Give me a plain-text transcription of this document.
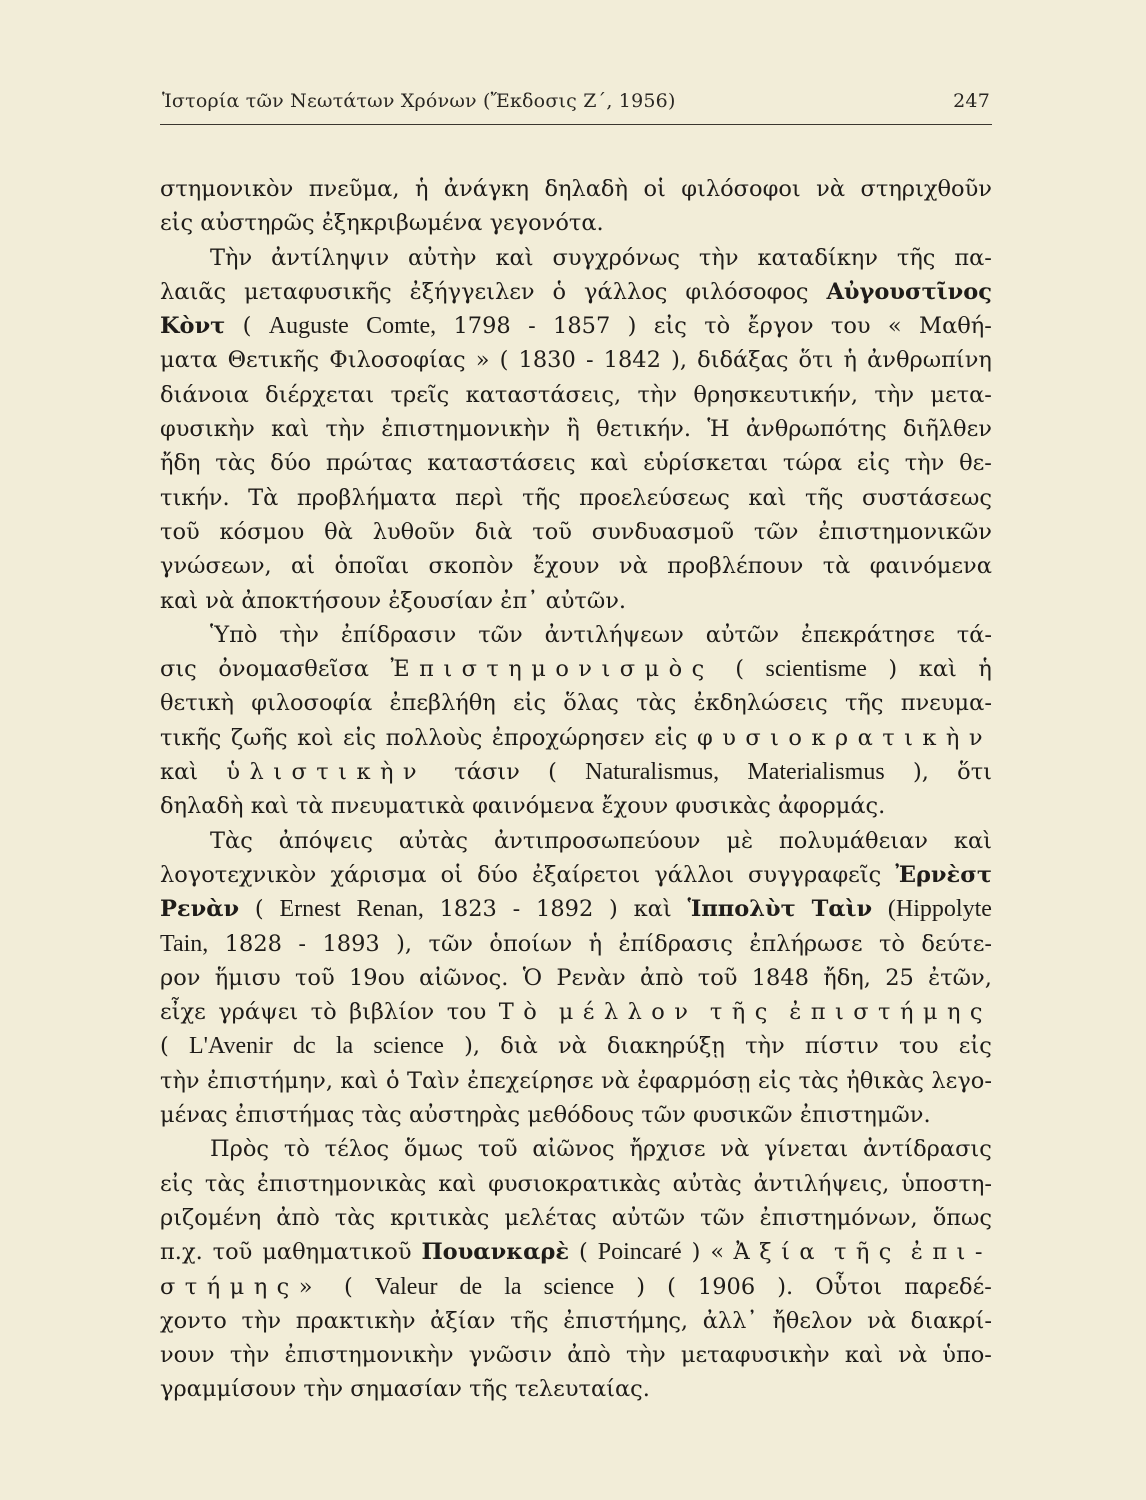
Ἱστορία τῶν Νεωτάτων Χρόνων (Ἔκδοσις Ζ΄, 1956)	247
στημονικὸν πνεῦμα, ἡ ἀνάγκη δηλαδὴ οἱ φιλόσοφοι νὰ στηριχθοῦν
εἰς αὐστηρῶς ἐξηκριβωμένα γεγονότα.
Τὴν ἀντίληψιν αὐτὴν καὶ συγχρόνως τὴν καταδίκην τῆς πα-
λαιᾶς μεταφυσικῆς ἐξήγγειλεν ὁ γάλλος φιλόσοφος Αὐγουστῖνος
Κὸντ ( Auguste Comte, 1798 - 1857 ) εἰς τὸ ἔργον του « Μαθή-
ματα Θετικῆς Φιλοσοφίας » ( 1830 - 1842 ), διδάξας ὅτι ἡ ἀνθρωπίνη
διάνοια διέρχεται τρεῖς καταστάσεις, τὴν θρησκευτικήν, τὴν μετα-
φυσικὴν καὶ τὴν ἐπιστημονικὴν ἢ θετικήν. Ἡ ἀνθρωπότης διῆλθεν
ἤδη τὰς δύο πρώτας καταστάσεις καὶ εὑρίσκεται τώρα εἰς τὴν θε-
τικήν. Τὰ προβλήματα περὶ τῆς προελεύσεως καὶ τῆς συστάσεως
τοῦ κόσμου θὰ λυθοῦν διὰ τοῦ συνδυασμοῦ τῶν ἐπιστημονικῶν
γνώσεων, αἱ ὁποῖαι σκοπὸν ἔχουν νὰ προβλέπουν τὰ φαινόμενα
καὶ νὰ ἀποκτήσουν ἐξουσίαν ἐπ᾽ αὐτῶν.
Ὑπὸ τὴν ἐπίδρασιν τῶν ἀντιλήψεων αὐτῶν ἐπεκράτησε τά-
σις ὀνομασθεῖσα Ἐπιστημονισμὸς ( scientisme ) καὶ ἡ
θετικὴ φιλοσοφία ἐπεβλήθη εἰς ὅλας τὰς ἐκδηλώσεις τῆς πνευμα-
τικῆς ζωῆς κοὶ εἰς πολλοὺς ἐπροχώρησεν εἰς φυσιοκρατικὴν
καὶ ὑλιστικὴν τάσιν ( Naturalismus, Materialismus ), ὅτι
δηλαδὴ καὶ τὰ πνευματικὰ φαινόμενα ἔχουν φυσικὰς ἀφορμάς.
Τὰς ἀπόψεις αὐτὰς ἀντιπροσωπεύουν μὲ πολυμάθειαν καὶ
λογοτεχνικὸν χάρισμα οἱ δύο ἐξαίρετοι γάλλοι συγγραφεῖς Ἐρνὲστ
Ρενὰν ( Ernest Renan, 1823 - 1892 ) καὶ Ἱππολὺτ Ταὶν (Hippolyte
Tain, 1828 - 1893 ), τῶν ὁποίων ἡ ἐπίδρασις ἐπλήρωσε τὸ δεύτε-
ρον ἥμισυ τοῦ 19ου αἰῶνος. Ὁ Ρενὰν ἀπὸ τοῦ 1848 ἤδη, 25 ἐτῶν,
εἶχε γράψει τὸ βιβλίον του Τὸ μέλλον τῆς ἐπιστήμης
( L'Avenir dc la science ), διὰ νὰ διακηρύξῃ τὴν πίστιν του εἰς
τὴν ἐπιστήμην, καὶ ὁ Ταὶν ἐπεχείρησε νὰ ἐφαρμόσῃ εἰς τὰς ἠθικὰς λεγο-
μένας ἐπιστήμας τὰς αὐστηρὰς μεθόδους τῶν φυσικῶν ἐπιστημῶν.
Πρὸς τὸ τέλος ὅμως τοῦ αἰῶνος ἤρχισε νὰ γίνεται ἀντίδρασις
εἰς τὰς ἐπιστημονικὰς καὶ φυσιοκρατικὰς αὐτὰς ἀντιλήψεις, ὑποστη-
ριζομένη ἀπὸ τὰς κριτικὰς μελέτας αὐτῶν τῶν ἐπιστημόνων, ὅπως
π.χ. τοῦ μαθηματικοῦ Πουανκαρὲ ( Poincaré ) «Ἀξία τῆς ἐπι-
στήμης» ( Valeur de la science ) ( 1906 ). Οὗτοι παρεδέ-
χοντο τὴν πρακτικὴν ἀξίαν τῆς ἐπιστήμης, ἀλλ᾽ ἤθελον νὰ διακρί-
νουν τὴν ἐπιστημονικὴν γνῶσιν ἀπὸ τὴν μεταφυσικὴν καὶ νὰ ὑπο-
γραμμίσουν τὴν σημασίαν τῆς τελευταίας.
